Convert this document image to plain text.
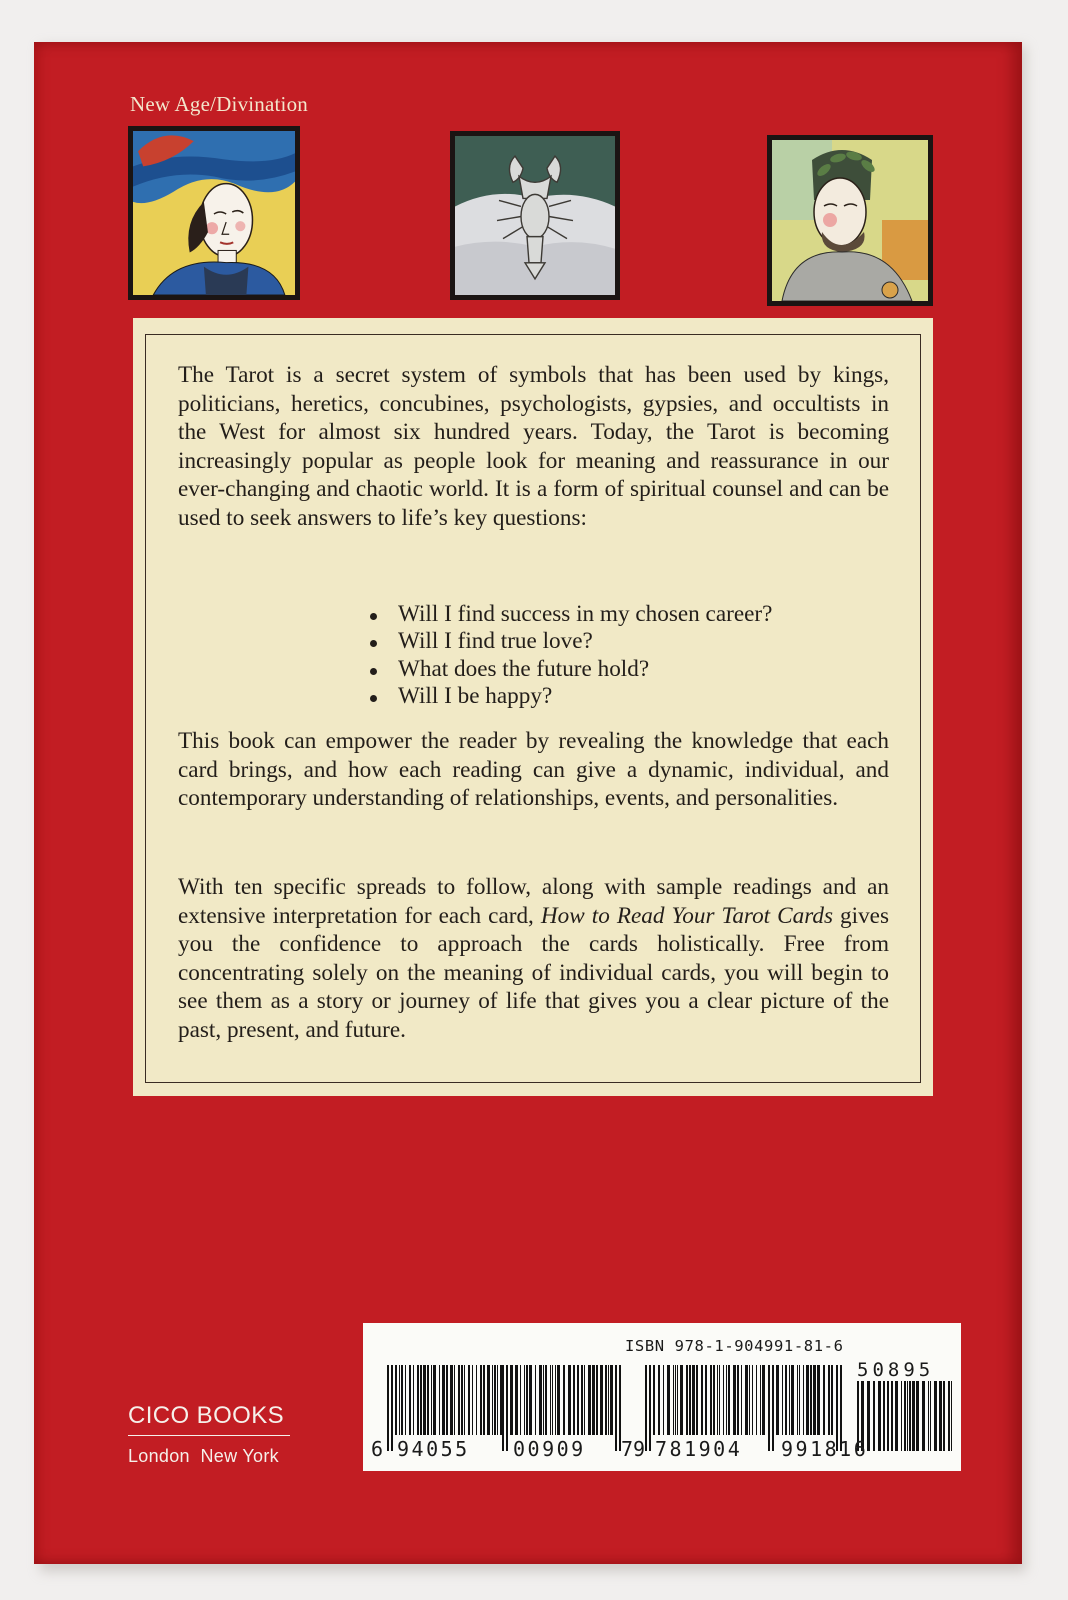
New Age/Divination
The Tarot is a secret system of symbols that has been used by kings, politicians, heretics, concubines, psychologists, gypsies, and occultists in the West for almost six hundred years. Today, the Tarot is becoming increasingly popular as people look for meaning and reassurance in our ever-changing and chaotic world. It is a form of spiritual counsel and can be used to seek answers to life’s key questions:
Will I find success in my chosen career?
Will I find true love?
What does the future hold?
Will I be happy?
This book can empower the reader by revealing the knowledge that each card brings, and how each reading can give a dynamic, individual, and contemporary understanding of relationships, events, and personalities.
With ten specific spreads to follow, along with sample readings and an extensive interpretation for each card, How to Read Your Tarot Cards gives you the confidence to approach the cards holistically. Free from concentrating solely on the meaning of individual cards, you will begin to see them as a story or journey of life that gives you a clear picture of the past, present, and future.
CICO BOOKS
London  New York
ISBN 978-1-904991-81-6
50895
6 94055 00909 7
9 781904 991816
